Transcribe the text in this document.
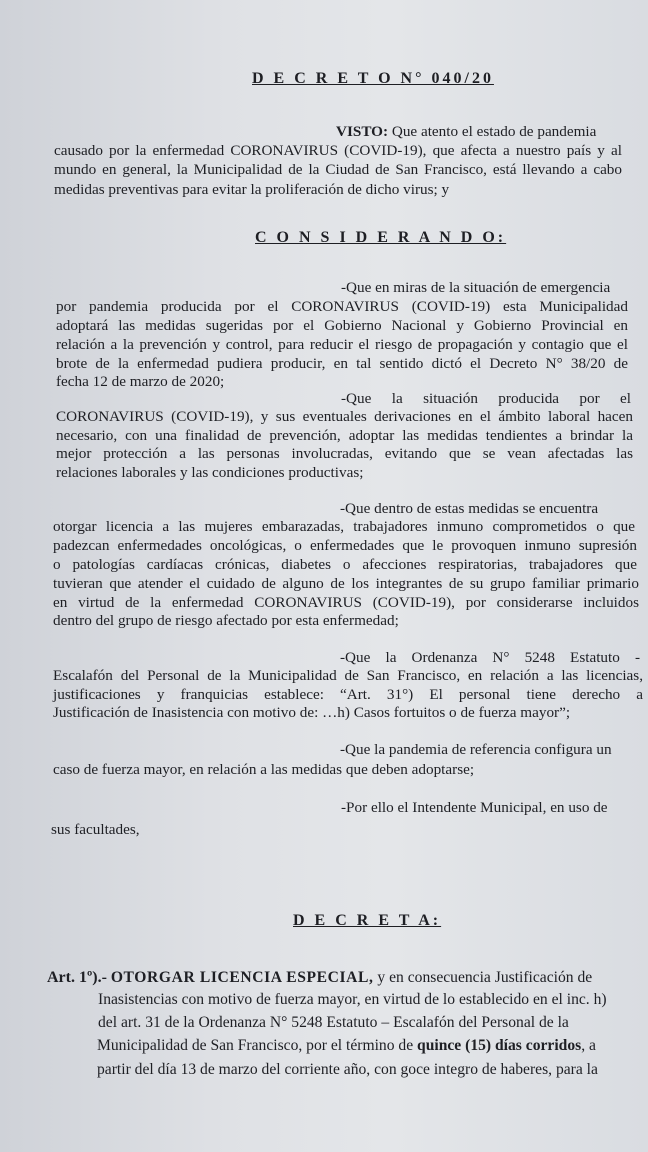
D E C R E T O N° 040/20
VISTO: Que atento el estado de pandemia
causado por la enfermedad CORONAVIRUS (COVID-19), que afecta a nuestro país y al
mundo en general, la Municipalidad de la Ciudad de San Francisco, está llevando a cabo
medidas preventivas para evitar la proliferación de dicho virus; y
C O N S I D E R A N D O:
-Que en miras de la situación de emergencia
por pandemia producida por el CORONAVIRUS (COVID-19) esta Municipalidad
adoptará las medidas sugeridas por el Gobierno Nacional y Gobierno Provincial en
relación a la prevención y control, para reducir el riesgo de propagación y contagio que el
brote de la enfermedad pudiera producir, en tal sentido dictó el Decreto N° 38/20 de
fecha 12 de marzo de 2020;
-Que la situación producida por el
CORONAVIRUS (COVID-19), y sus eventuales derivaciones en el ámbito laboral hacen
necesario, con una finalidad de prevención, adoptar las medidas tendientes a brindar la
mejor protección a las personas involucradas, evitando que se vean afectadas las
relaciones laborales y las condiciones productivas;
-Que dentro de estas medidas se encuentra
otorgar licencia a las mujeres embarazadas, trabajadores inmuno comprometidos o que
padezcan enfermedades oncológicas, o enfermedades que le provoquen inmuno supresión
o patologías cardíacas crónicas, diabetes o afecciones respiratorias, trabajadores que
tuvieran que atender el cuidado de alguno de los integrantes de su grupo familiar primario
en virtud de la enfermedad CORONAVIRUS (COVID-19), por considerarse incluidos
dentro del grupo de riesgo afectado por esta enfermedad;
-Que la Ordenanza N° 5248 Estatuto -
Escalafón del Personal de la Municipalidad de San Francisco, en relación a las licencias,
justificaciones y franquicias establece: “Art. 31°) El personal tiene derecho a
Justificación de Inasistencia con motivo de: …h) Casos fortuitos o de fuerza mayor”;
-Que la pandemia de referencia configura un
caso de fuerza mayor, en relación a las medidas que deben adoptarse;
-Por ello el Intendente Municipal, en uso de
sus facultades,
D E C R E T A:
Art. 1º).- OTORGAR LICENCIA ESPECIAL, y en consecuencia Justificación de
Inasistencias con motivo de fuerza mayor, en virtud de lo establecido en el inc. h)
del art. 31 de la Ordenanza N° 5248 Estatuto – Escalafón del Personal de la
Municipalidad de San Francisco, por el término de quince (15) días corridos, a
partir del día 13 de marzo del corriente año, con goce integro de haberes, para la
